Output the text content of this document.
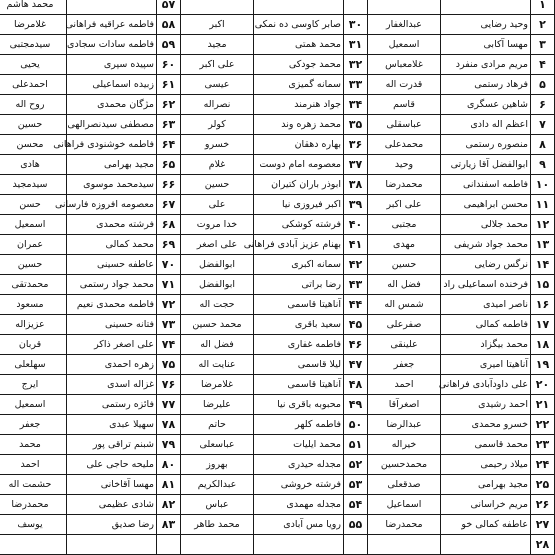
۱						۵۷		محمد هاشم
۲	وحید رضایی	عبدالغفار	۳۰	صابر کاوسی ده نمکی	اکبر	۵۸	فاطمه عراقیه فراهانی	غلامرضا
۳	مهسا آکابی	اسمعیل	۳۱	محمد همتی	مجید	۵۹	فاطمه سادات سجادی	سیدمجتبی
۴	مریم مرادی منفرد	غلامعباس	۳۲	محمد جودکی	علی اکبر	۶۰	سپیده سپری	یحیی
۵	فرهاد رستمی	قدرت اله	۳۳	سمانه گمیزی	عیسی	۶۱	زبیده اسماعیلی	احمدعلی
۶	شاهین عسگری	قاسم	۳۴	جواد هنرمند	نصراله	۶۲	مژگان محمدی	روح اله
۷	اعظم اله دادی	عباسقلی	۳۵	محمد زهره وند	کولر	۶۳	مصطفی سیدنصرالهی	حسین
۸	منصوره رستمی	محمدعلی	۳۶	بهاره دهقان	خسرو	۶۴	فاطمه خوشنودی فراهانی	محسن
۹	ابوالفضل آقا زیارتی	وحید	۳۷	معصومه امام دوست	غلام	۶۵	مجید بهرامی	هادی
۱۰	فاطمه اسفندانی	محمدرضا	۳۸	ابوذر باران کتیران	حسین	۶۶	سیدمحمد موسوی	سیدمجید
۱۱	محسن ابراهیمی	علی اکبر	۳۹	اکبر فیروزی نیا	علی	۶۷	معصومه افروزه فارسانی	حسن
۱۲	محمد جلالی	مجتبی	۴۰	فرشته کوشکی	خدا مروت	۶۸	فرشته محمدی	اسمعیل
۱۳	محمد جواد شریفی	مهدی	۴۱	بهنام عزیز آبادی فراهانی	علی اصغر	۶۹	محمد کمالی	عمران
۱۴	نرگس رضایی	حسین	۴۲	سمانه اکبری	ابوالفضل	۷۰	عاطفه حسینی	حسین
۱۵	فرخنده اسماعیلی راد	فضل اله	۴۳	رضا براتی	ابوالفضل	۷۱	محمد جواد رستمی	محمدتقی
۱۶	ناصر امیدی	شمس اله	۴۴	آناهیتا قاسمی	حجت اله	۷۲	فاطمه محمدی نعیم	مسعود
۱۷	فاطمه کمالی	صفرعلی	۴۵	سعید باقری	محمد حسین	۷۳	فتانه حسینی	عزیزاله
۱۸	محمد بیگزاد	علینقی	۴۶	فاطمه غفاری	فضل اله	۷۴	علی اصغر ذاکر	قربان
۱۹	آناهیتا امیری	جعفر	۴۷	لیلا قاسمی	عنایت اله	۷۵	زهره احمدی	سهلعلی
۲۰	علی داودآبادی فراهانی	احمد	۴۸	آناهیتا قاسمی	غلامرضا	۷۶	غزاله اسدی	ایرج
۲۱	احمد رشیدی	اصغرآقا	۴۹	محبوبه باقری نیا	علیرضا	۷۷	فائزه رستمی	اسمعیل
۲۲	خسرو محمدی	عبدالرضا	۵۰	فاطمه کلهر	حاتم	۷۸	سهیلا عبدی	جعفر
۲۳	محمد قاسمی	خیراله	۵۱	محمد ایلیات	عباسعلی	۷۹	شبنم تراقی پور	محمد
۲۴	میلاد رحیمی	محمدحسین	۵۲	مجدله حیدری	بهروز	۸۰	ملیحه حاجی علی	احمد
۲۵	مجید بهرامی	صدقعلی	۵۳	فرشته خروشی	عبدالکریم	۸۱	مهسا آقاخانی	حشمت اله
۲۶	مریم خراسانی	اسماعیل	۵۴	مجدله مهمدی	عباس	۸۲	شادی عظیمی	محمدرضا
۲۷	عاطفه کمالی خو	محمدرضا	۵۵	رویا مس آبادی	محمد طاهر	۸۳	رضا صدیق	یوسف
۲۸								
